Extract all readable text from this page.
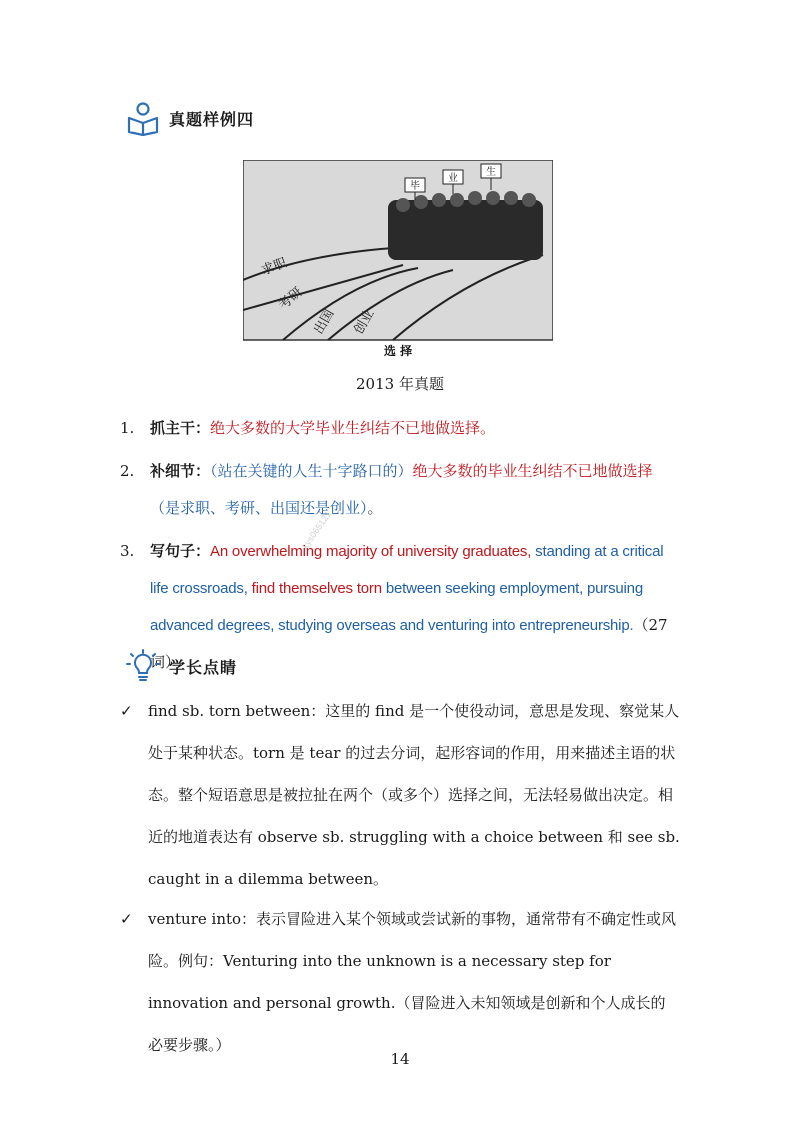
真题样例四
毕
业
生
求职
考研
出国 创业
选 择
2013 年真题
1. 抓主干：绝大多数的大学毕业生纠结不已地做选择。
2. 补细节：（站在关键的人生十字路口的）绝大多数的毕业生纠结不已地做选择（是求职、考研、出国还是创业）。
3. 写句子：An overwhelming majority of university graduates, standing at a critical life crossroads, find themselves torn between seeking employment, pursuing advanced degrees, studying overseas and venturing into entrepreneurship.（27 词）
学长点睛
✓ find sb. torn between：这里的 find 是一个使役动词，意思是发现、察觉某人处于某种状态。torn 是 tear 的过去分词，起形容词的作用，用来描述主语的状态。整个短语意思是被拉扯在两个（或多个）选择之间，无法轻易做出决定。相近的地道表达有 observe sb. struggling with a choice between 和 see sb. caught in a dilemma between。
✓ venture into：表示冒险进入某个领域或尝试新的事物，通常带有不确定性或风险。例句：Venturing into the unknown is a necessary step for innovation and personal growth.（冒险进入未知领域是创新和个人成长的必要步骤。）
kys065121
14
